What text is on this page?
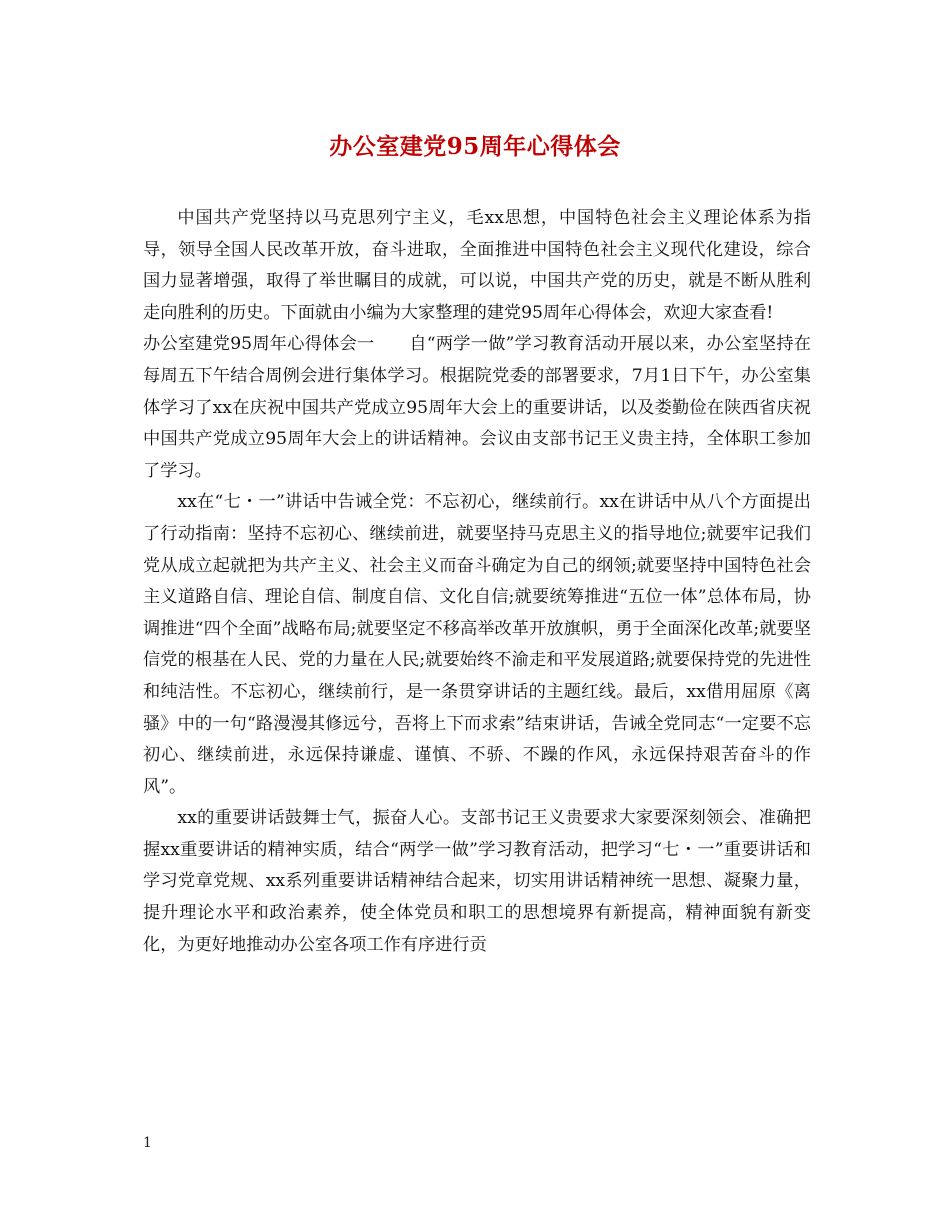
办公室建党95周年心得体会

中国共产党坚持以马克思列宁主义，毛xx思想，中国特色社会主义理论体系为指导，领导全国人民改革开放，奋斗进取，全面推进中国特色社会主义现代化建设，综合国力显著增强，取得了举世瞩目的成就，可以说，中国共产党的历史，就是不断从胜利走向胜利的历史。下面就由小编为大家整理的建党95周年心得体会，欢迎大家查看!

办公室建党95周年心得体会一　　自“两学一做”学习教育活动开展以来，办公室坚持在每周五下午结合周例会进行集体学习。根据院党委的部署要求，7月1日下午，办公室集体学习了xx在庆祝中国共产党成立95周年大会上的重要讲话，以及娄勤俭在陕西省庆祝中国共产党成立95周年大会上的讲话精神。会议由支部书记王义贵主持，全体职工参加了学习。

xx在“七・一”讲话中告诫全党：不忘初心，继续前行。xx在讲话中从八个方面提出了行动指南：坚持不忘初心、继续前进，就要坚持马克思主义的指导地位;就要牢记我们党从成立起就把为共产主义、社会主义而奋斗确定为自己的纲领;就要坚持中国特色社会主义道路自信、理论自信、制度自信、文化自信;就要统筹推进“五位一体”总体布局，协调推进“四个全面”战略布局;就要坚定不移高举改革开放旗帜，勇于全面深化改革;就要坚信党的根基在人民、党的力量在人民;就要始终不渝走和平发展道路;就要保持党的先进性和纯洁性。不忘初心，继续前行，是一条贯穿讲话的主题红线。最后，xx借用屈原《离骚》中的一句“路漫漫其修远兮，吾将上下而求索”结束讲话，告诫全党同志“一定要不忘初心、继续前进，永远保持谦虚、谨慎、不骄、不躁的作风，永远保持艰苦奋斗的作风”。

xx的重要讲话鼓舞士气，振奋人心。支部书记王义贵要求大家要深刻领会、准确把握xx重要讲话的精神实质，结合“两学一做”学习教育活动，把学习“七・一”重要讲话和学习党章党规、xx系列重要讲话精神结合起来，切实用讲话精神统一思想、凝聚力量，提升理论水平和政治素养，使全体党员和职工的思想境界有新提高，精神面貌有新变化，为更好地推动办公室各项工作有序进行贡

1
